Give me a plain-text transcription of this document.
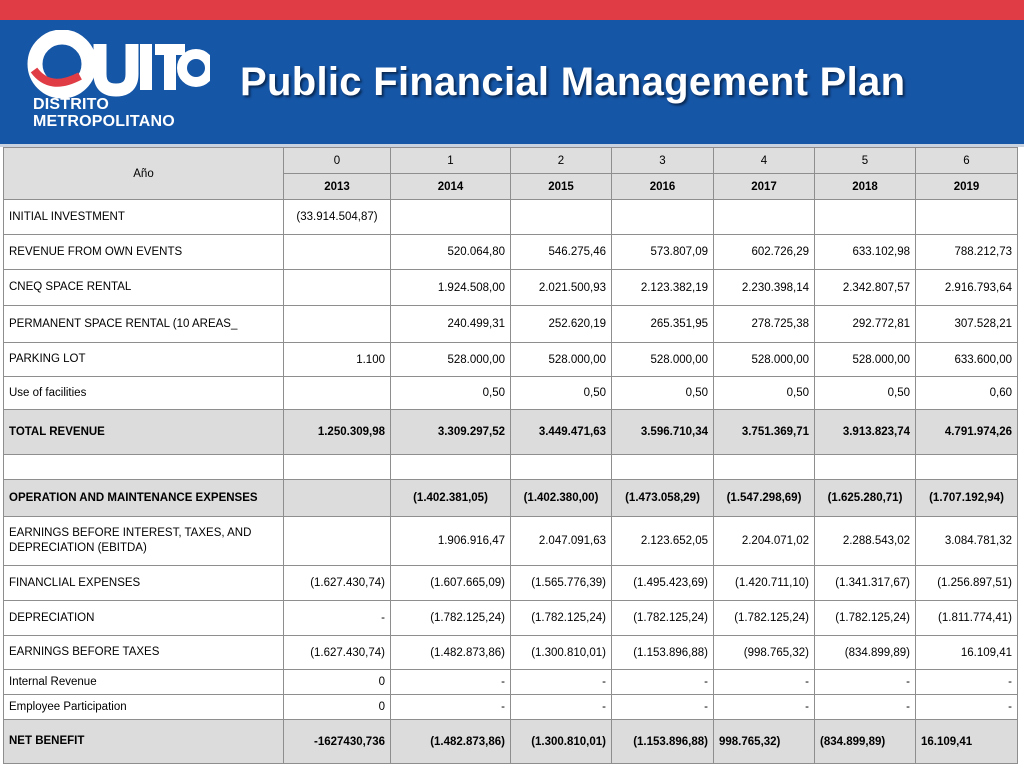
DISTRITO
METROPOLITANO
Public Financial Management Plan
Año	0	1	2	3	4	5	6
	2013	2014	2015	2016	2017	2018	2019
INITIAL INVESTMENT	(33.914.504,87)						
REVENUE FROM OWN EVENTS		520.064,80	546.275,46	573.807,09	602.726,29	633.102,98	788.212,73
CNEQ SPACE RENTAL		1.924.508,00	2.021.500,93	2.123.382,19	2.230.398,14	2.342.807,57	2.916.793,64
PERMANENT SPACE RENTAL (10 AREAS_		240.499,31	252.620,19	265.351,95	278.725,38	292.772,81	307.528,21
PARKING LOT	1.100	528.000,00	528.000,00	528.000,00	528.000,00	528.000,00	633.600,00
Use of facilities		0,50	0,50	0,50	0,50	0,50	0,60
TOTAL REVENUE	1.250.309,98	3.309.297,52	3.449.471,63	3.596.710,34	3.751.369,71	3.913.823,74	4.791.974,26

OPERATION AND MAINTENANCE EXPENSES		(1.402.381,05)	(1.402.380,00)	(1.473.058,29)	(1.547.298,69)	(1.625.280,71)	(1.707.192,94)
EARNINGS BEFORE INTEREST, TAXES, AND DEPRECIATION (EBITDA)		1.906.916,47	2.047.091,63	2.123.652,05	2.204.071,02	2.288.543,02	3.084.781,32
FINANCLIAL EXPENSES	(1.627.430,74)	(1.607.665,09)	(1.565.776,39)	(1.495.423,69)	(1.420.711,10)	(1.341.317,67)	(1.256.897,51)
DEPRECIATION	-	(1.782.125,24)	(1.782.125,24)	(1.782.125,24)	(1.782.125,24)	(1.782.125,24)	(1.811.774,41)
EARNINGS BEFORE TAXES	(1.627.430,74)	(1.482.873,86)	(1.300.810,01)	(1.153.896,88)	(998.765,32)	(834.899,89)	16.109,41
Internal Revenue	0	-	-	-	-	-	-
Employee Participation	0	-	-	-	-	-	-
NET BENEFIT	-1627430,736	(1.482.873,86)	(1.300.810,01)	(1.153.896,88)	998.765,32)	(834.899,89)	16.109,41
